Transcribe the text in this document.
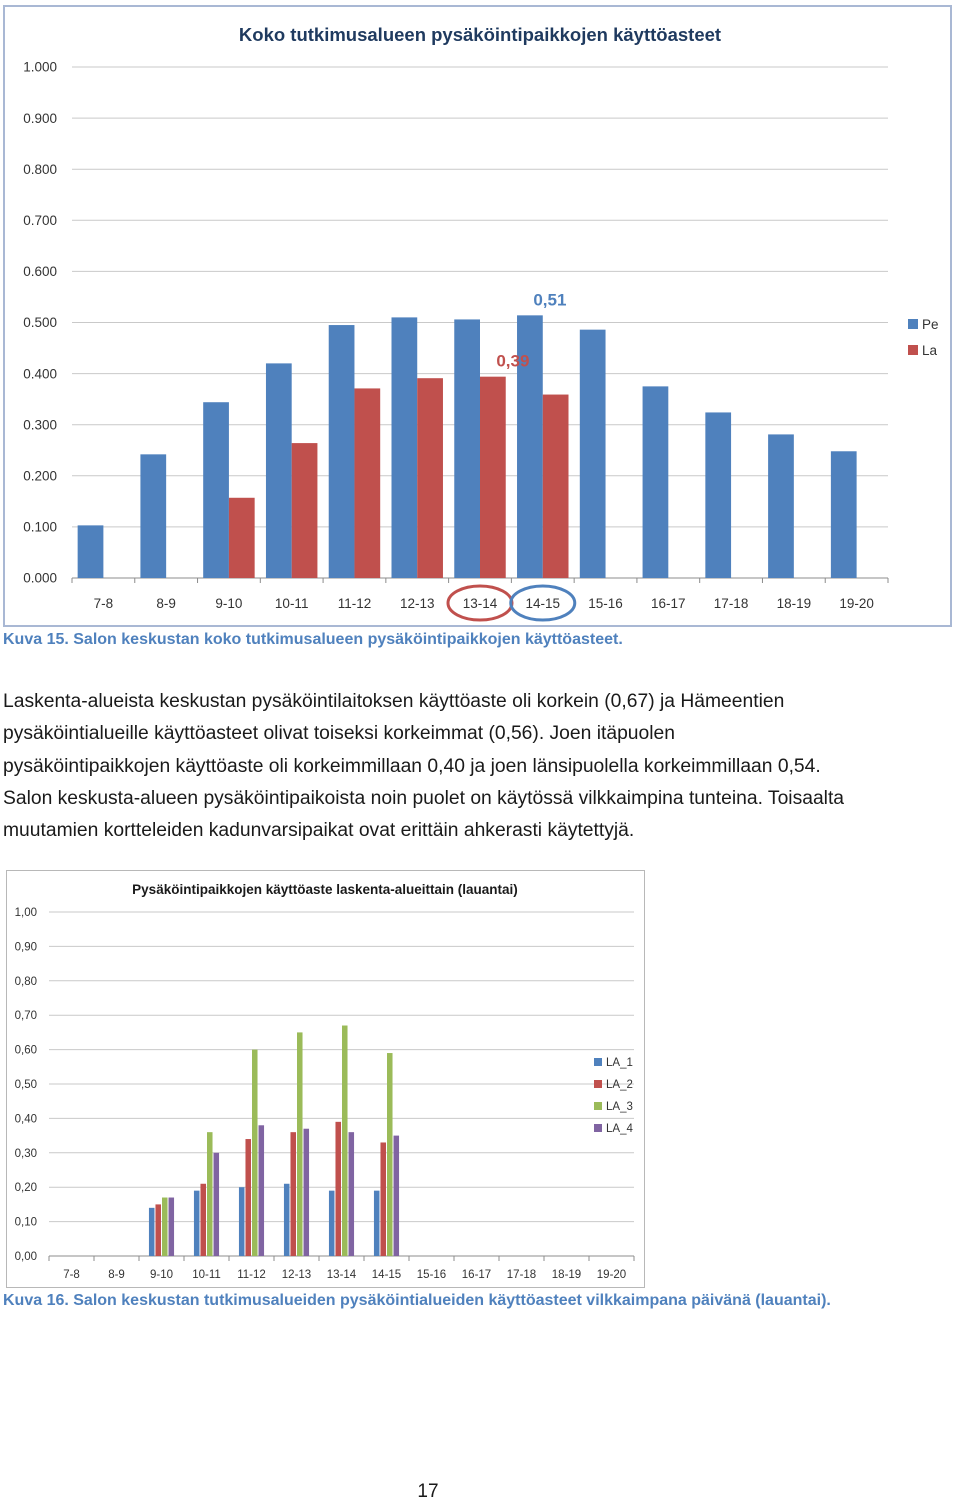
Koko tutkimusalueen pysäköintipaikkojen käyttöasteet
0.000
0.100
0.200
0.300
0.400
0.500
0.600
0.700
0.800
0.900
1.000
7-8	8-9	9-10 10-11 11-12 12-13 13-14 14-15 15-16 16-17 17-18 18-19 19-20
0,39
0,51
Pe
La
Kuva 15. Salon keskustan koko tutkimusalueen pysäköintipaikkojen käyttöasteet.

Laskenta-alueista keskustan pysäköintilaitoksen käyttöaste oli korkein (0,67) ja Hämeentien

pysäköintialueille käyttöasteet olivat toiseksi korkeimmat (0,56). Joen itäpuolen

pysäköintipaikkojen käyttöaste oli korkeimmillaan 0,40 ja joen länsipuolella korkeimmillaan 0,54.

Salon keskusta-alueen pysäköintipaikoista noin puolet on käytössä vilkkaimpina tunteina. Toisaalta

muutamien kortteleiden kadunvarsipaikat ovat erittäin ahkerasti käytettyjä.

Pysäköintipaikkojen käyttöaste laskenta-alueittain (lauantai)
0,00
0,10
0,20
0,30
0,40
0,50
0,60
0,70
0,80
0,90
1,00
7-8 8-9 9-10 10-11 11-12 12-13 13-14 14-15 15-16 16-17 17-18 18-19 19-20
LA_1
LA_2
LA_3
LA_4
Kuva 16. Salon keskustan tutkimusalueiden pysäköintialueiden käyttöasteet vilkkaimpana päivänä (lauantai).
17
